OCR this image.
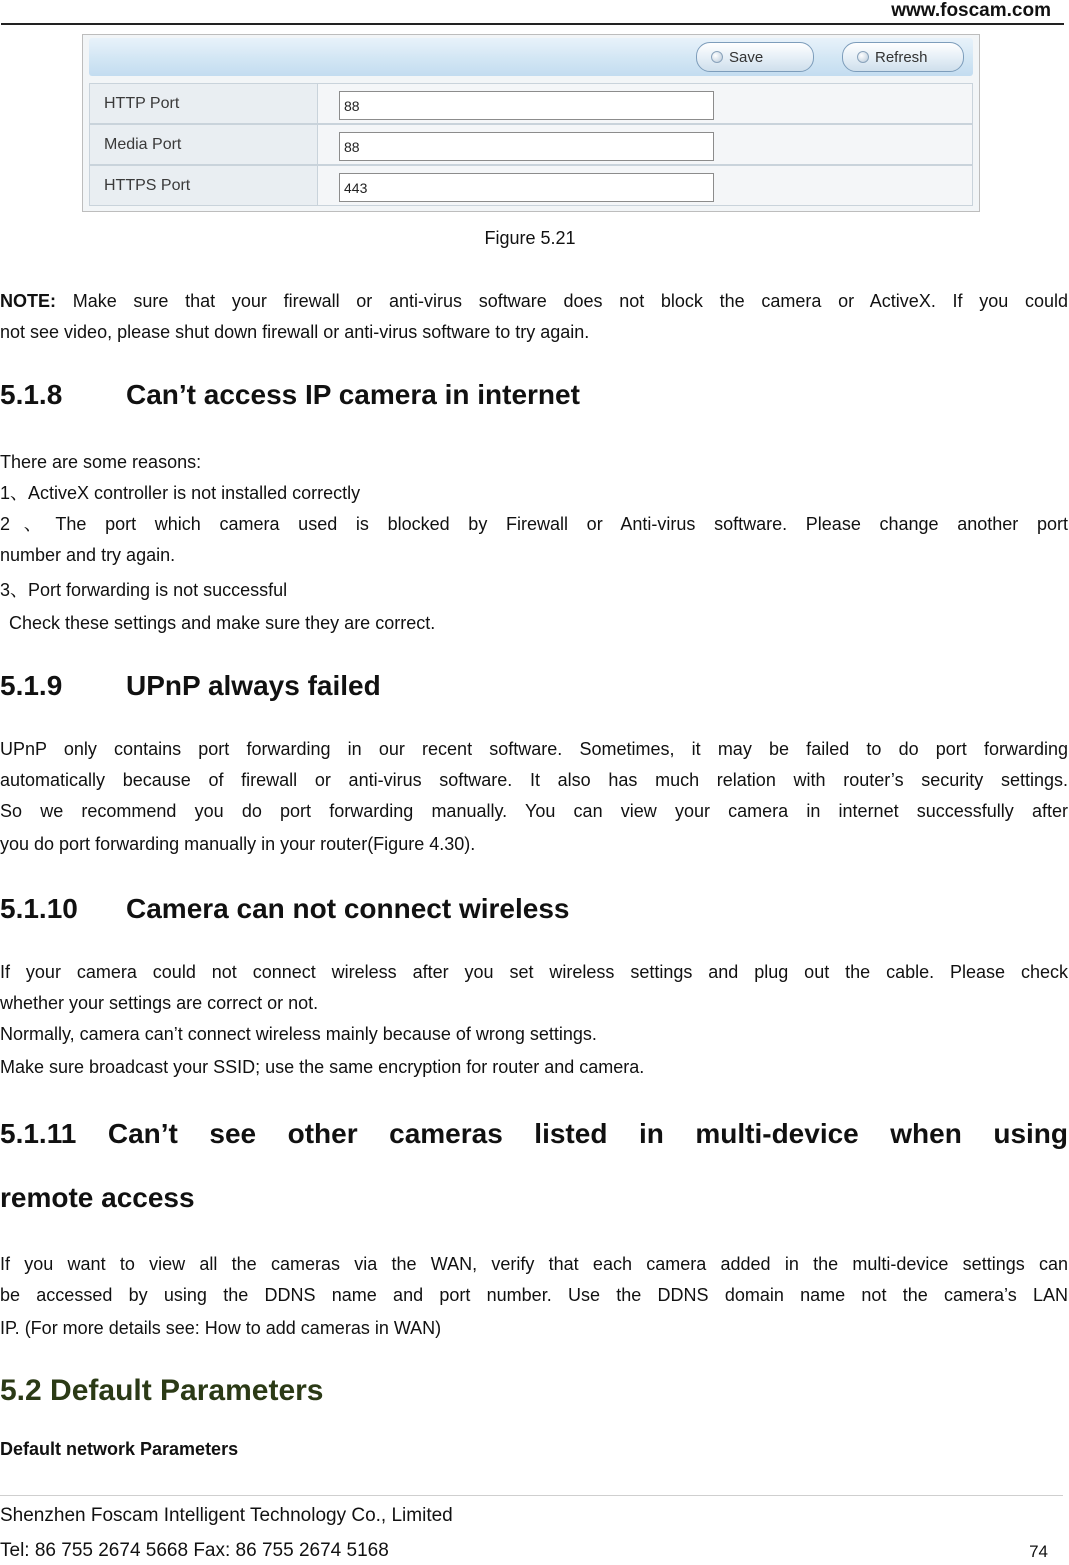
www.foscam.com
Save	Refresh
HTTP Port	88
Media Port	88
HTTPS Port	443
Figure 5.21
NOTE: Make sure that your firewall or anti-virus software does not block the camera or ActiveX. If you could
not see video, please shut down firewall or anti-virus software to try again.
5.1.8 Can’t access IP camera in internet
There are some reasons:
1、ActiveX controller is not installed correctly
2、The port which camera used is blocked by Firewall or Anti-virus software. Please change another port
number and try again.
3、Port forwarding is not successful
Check these settings and make sure they are correct.
5.1.9 UPnP always failed
UPnP only contains port forwarding in our recent software. Sometimes, it may be failed to do port forwarding
automatically because of firewall or anti-virus software. It also has much relation with router’s security settings.
So we recommend you do port forwarding manually. You can view your camera in internet successfully after
you do port forwarding manually in your router(Figure 4.30).
5.1.10 Camera can not connect wireless
If your camera could not connect wireless after you set wireless settings and plug out the cable. Please check
whether your settings are correct or not.
Normally, camera can’t connect wireless mainly because of wrong settings.
Make sure broadcast your SSID; use the same encryption for router and camera.
5.1.11 Can’t see other cameras listed in multi-device when using
remote access
If you want to view all the cameras via the WAN, verify that each camera added in the multi-device settings can
be accessed by using the DDNS name and port number. Use the DDNS domain name not the camera’s LAN
IP. (For more details see: How to add cameras in WAN)
5.2 Default Parameters
Default network Parameters
Shenzhen Foscam Intelligent Technology Co., Limited
Tel: 86 755 2674 5668 Fax: 86 755 2674 5168	74
